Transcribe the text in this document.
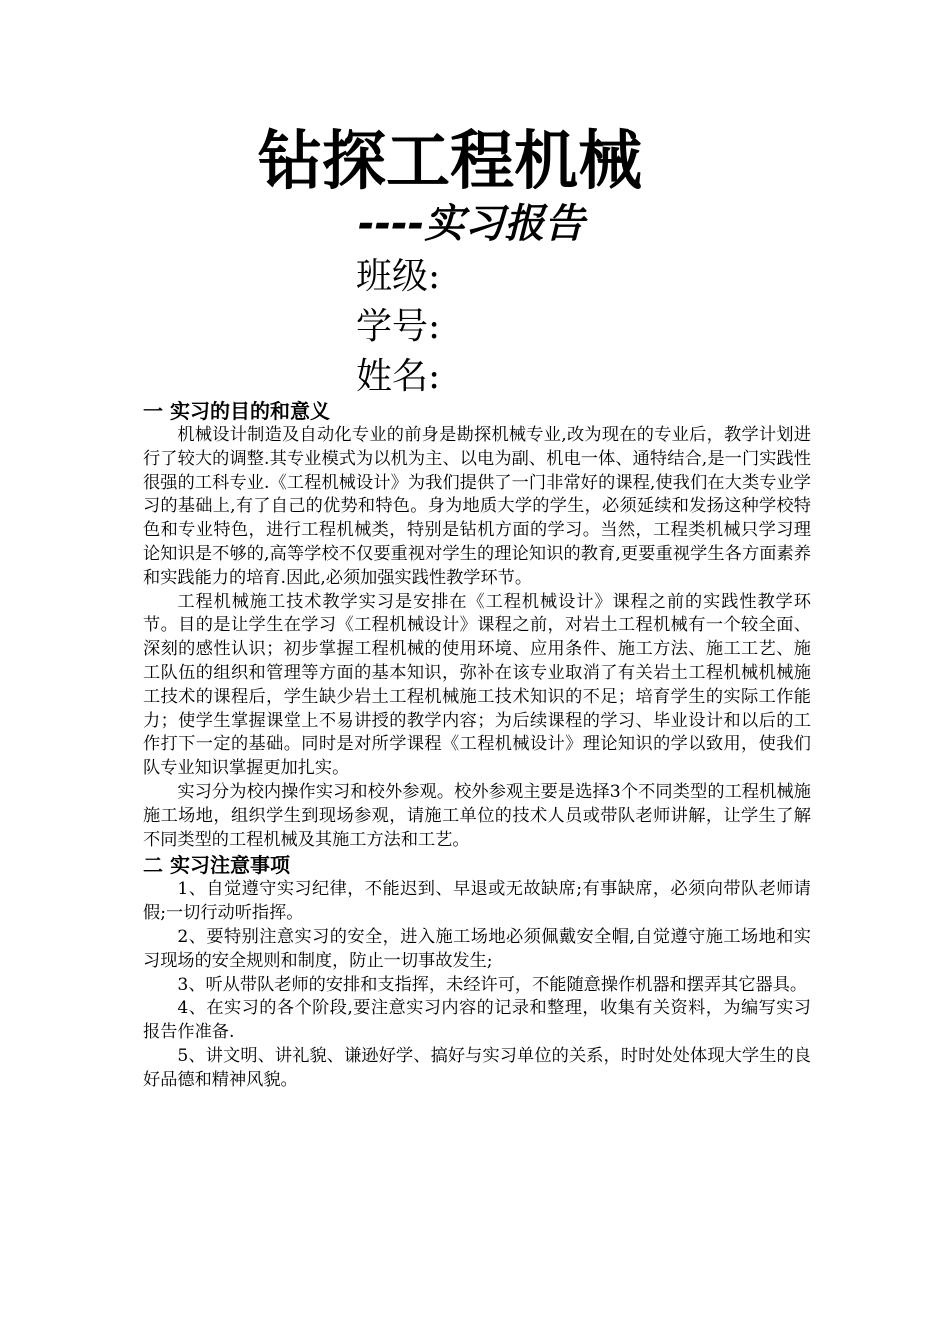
钻探工程机械
----实习报告
班级:
学号:
姓名:
一 实习的目的和意义

机械设计制造及自动化专业的前身是勘探机械专业,改为现在的专业后，教学计划进行了较大的调整.其专业模式为以机为主、以电为副、机电一体、通特结合,是一门实践性很强的工科专业.《工程机械设计》为我们提供了一门非常好的课程,使我们在大类专业学习的基础上,有了自己的优势和特色。身为地质大学的学生，必须延续和发扬这种学校特色和专业特色，进行工程机械类，特别是钻机方面的学习。当然，工程类机械只学习理论知识是不够的,高等学校不仅要重视对学生的理论知识的教育,更要重视学生各方面素养和实践能力的培育.因此,必须加强实践性教学环节。

工程机械施工技术教学实习是安排在《工程机械设计》课程之前的实践性教学环节。目的是让学生在学习《工程机械设计》课程之前，对岩土工程机械有一个较全面、深刻的感性认识；初步掌握工程机械的使用环境、应用条件、施工方法、施工工艺、施工队伍的组织和管理等方面的基本知识，弥补在该专业取消了有关岩土工程机械机械施工技术的课程后，学生缺少岩土工程机械施工技术知识的不足；培育学生的实际工作能力；使学生掌握课堂上不易讲授的教学内容；为后续课程的学习、毕业设计和以后的工作打下一定的基础。同时是对所学课程《工程机械设计》理论知识的学以致用，使我们队专业知识掌握更加扎实。

实习分为校内操作实习和校外参观。校外参观主要是选择3个不同类型的工程机械施施工场地，组织学生到现场参观，请施工单位的技术人员或带队老师讲解，让学生了解不同类型的工程机械及其施工方法和工艺。

二 实习注意事项

1、自觉遵守实习纪律，不能迟到、早退或无故缺席;有事缺席，必须向带队老师请假;一切行动听指挥。

2、要特别注意实习的安全，进入施工场地必须佩戴安全帽,自觉遵守施工场地和实习现场的安全规则和制度，防止一切事故发生;

3、听从带队老师的安排和支指挥，未经许可，不能随意操作机器和摆弄其它器具。

4、在实习的各个阶段,要注意实习内容的记录和整理，收集有关资料，为编写实习报告作准备.

5、讲文明、讲礼貌、谦逊好学、搞好与实习单位的关系，时时处处体现大学生的良好品德和精神风貌。
